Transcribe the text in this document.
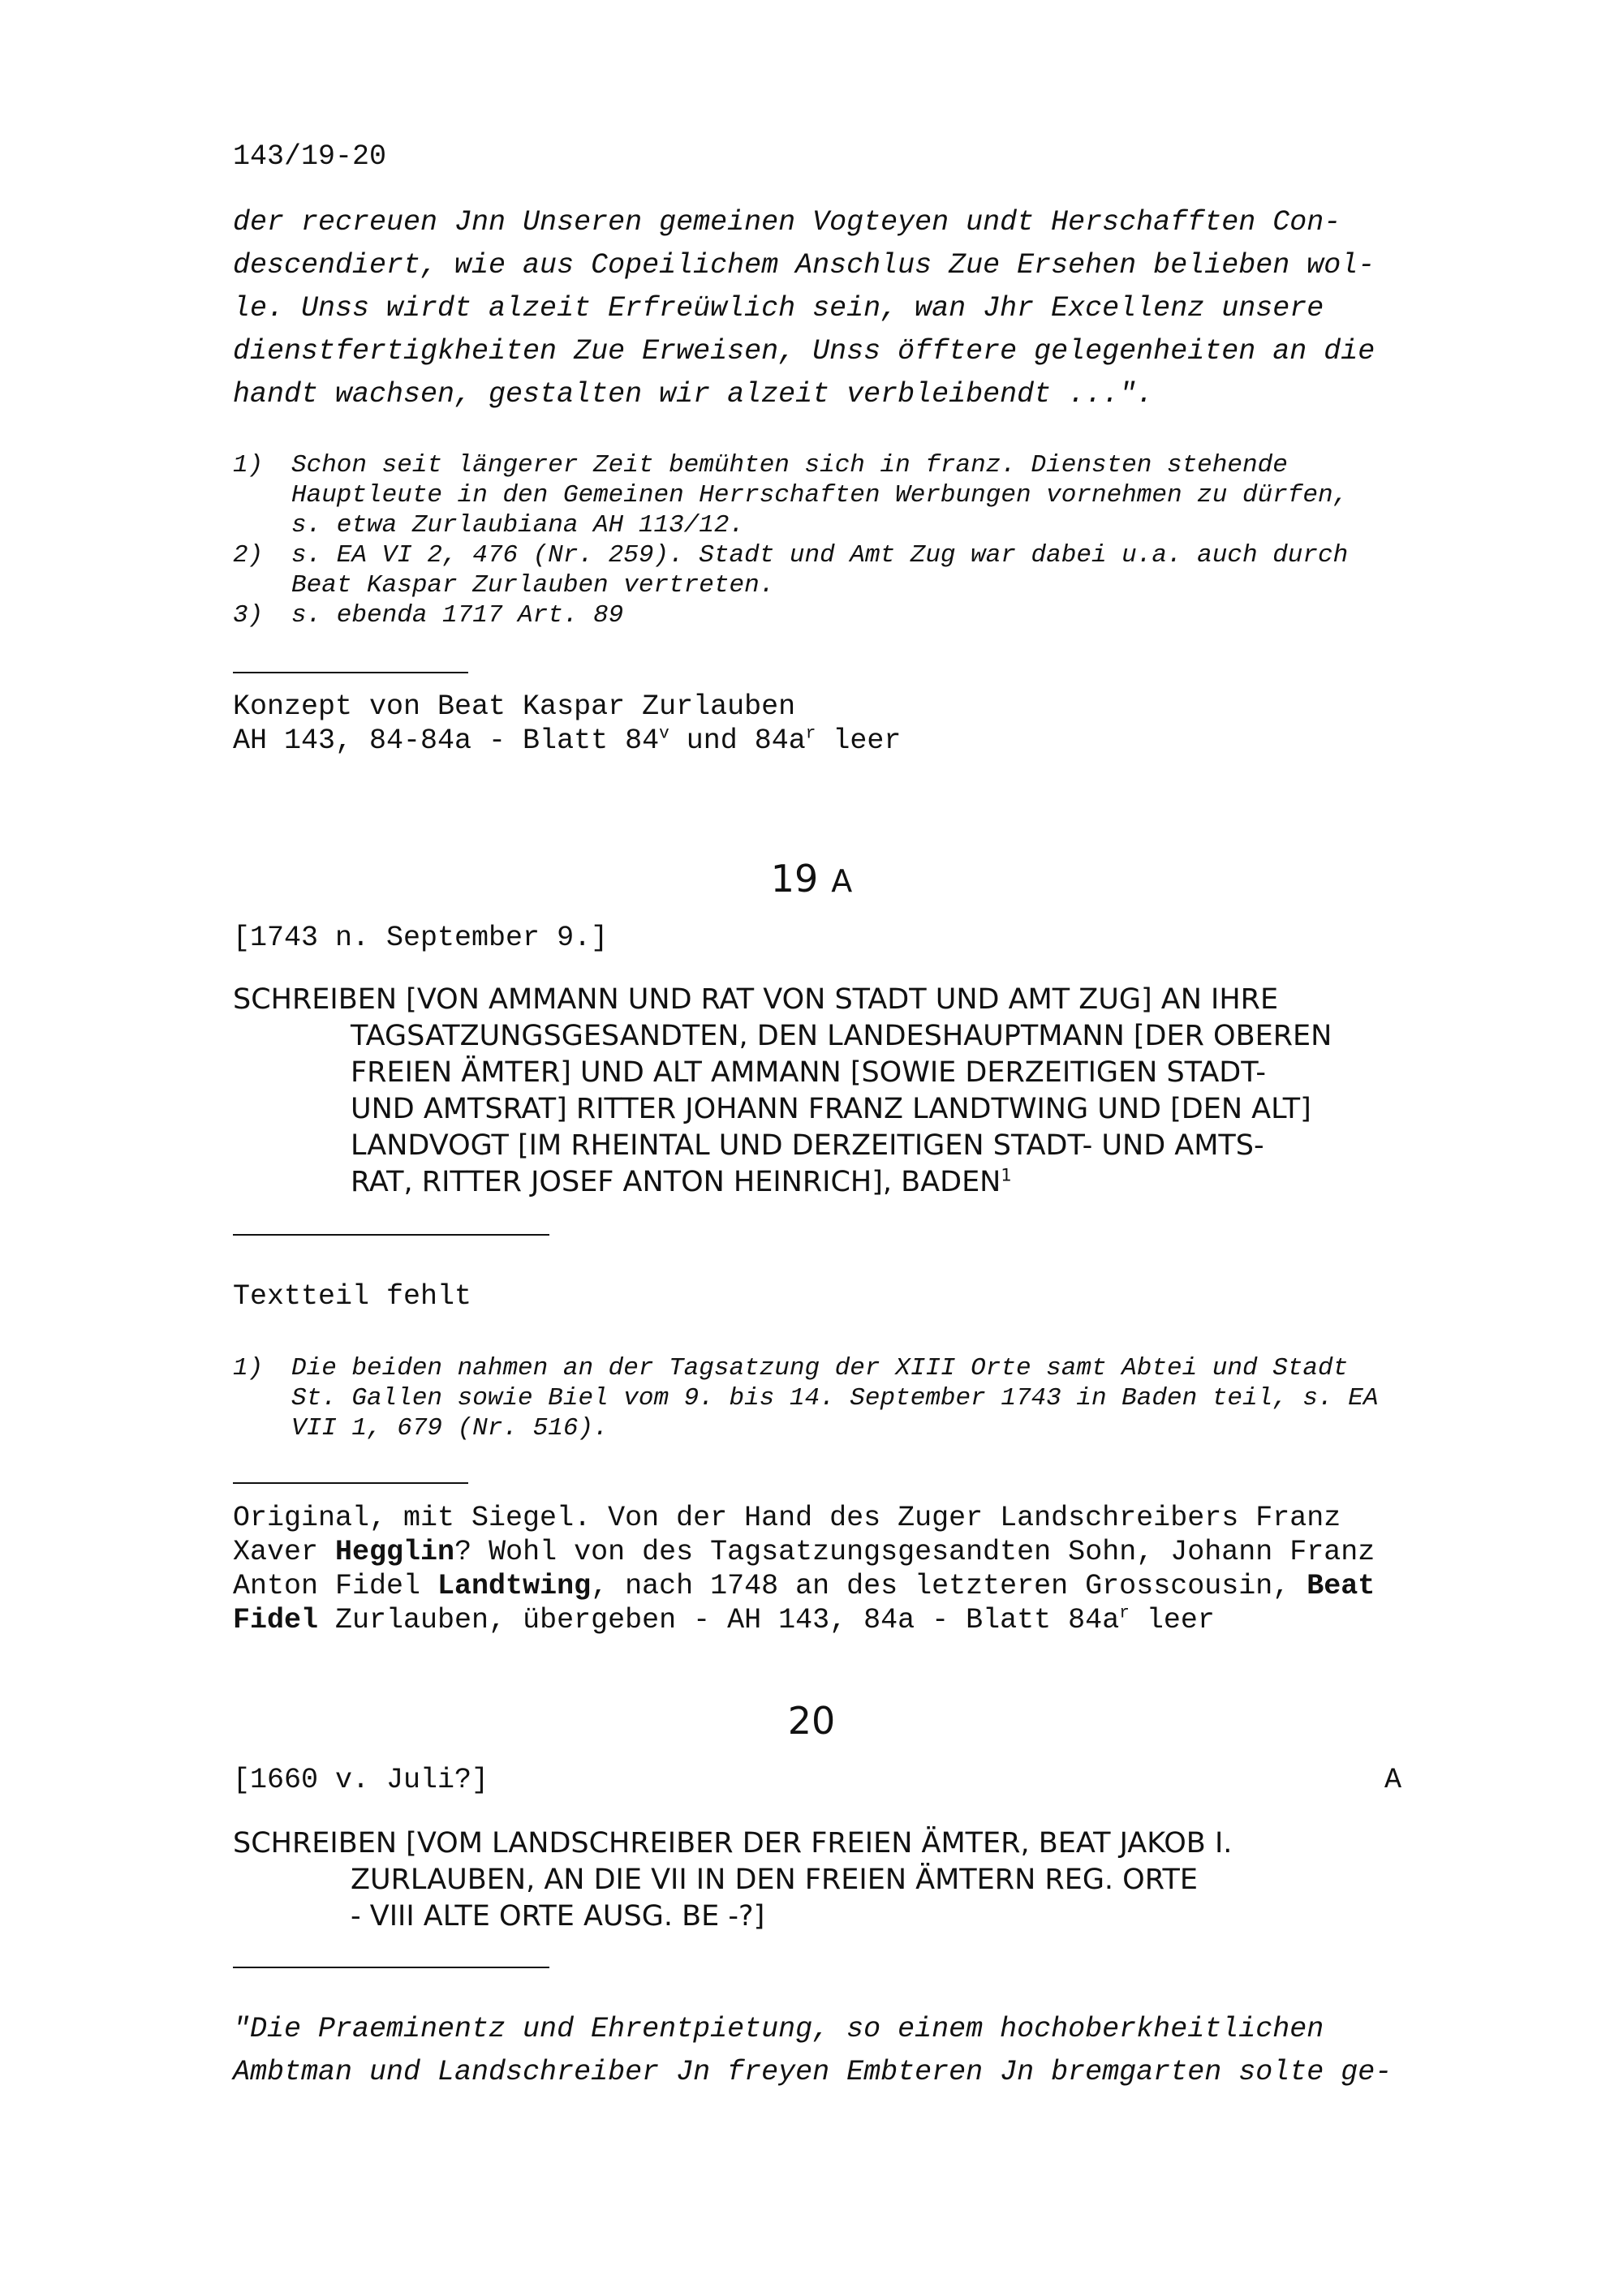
143/19-20
der recreuen Jnn Unseren gemeinen Vogteyen undt Herschafften Con-
descendiert, wie aus Copeilichem Anschlus Zue Ersehen belieben wol-
le. Unss wirdt alzeit Erfreüwlich sein, wan Jhr Excellenz unsere
dienstfertigkheiten Zue Erweisen, Unss öfftere gelegenheiten an die
handt wachsen, gestalten wir alzeit verbleibendt ...".
1)	Schon seit längerer Zeit bemühten sich in franz. Diensten stehende
Hauptleute in den Gemeinen Herrschaften Werbungen vornehmen zu dürfen,
s. etwa Zurlaubiana AH 113/12.
2)	s. EA VI 2, 476 (Nr. 259). Stadt und Amt Zug war dabei u.a. auch durch
Beat Kaspar Zurlauben vertreten.
3)	s. ebenda 1717 Art. 89
Konzept von Beat Kaspar Zurlauben
AH 143, 84-84a - Blatt 84$^v$ und $84a^r$ leer
19 A
[1743 n. September 9.]
SCHREIBEN [VON AMMANN UND RAT VON STADT UND AMT ZUG] AN IHRE
TAGSATZUNGSGESANDTEN, DEN LANDESHAUPTMANN [DER OBEREN
FREIEN ÄMTER] UND ALT AMMANN [SOWIE DERZEITIGEN STADT-
UND AMTSRAT] RITTER JOHANN FRANZ LANDTWING UND [DEN ALT]
LANDVOGT [IM RHEINTAL UND DERZEITIGEN STADT- UND AMTS-
RAT, RITTER JOSEF ANTON HEINRICH], BADEN$^1$
Textteil fehlt
1)	Die beiden nahmen an der Tagsatzung der XIII Orte samt Abtei und Stadt
St. Gallen sowie Biel vom 9. bis 14. September 1743 in Baden teil, s. EA
VII 1, 679 (Nr. 516).
Original, mit Siegel. Von der Hand des Zuger Landschreibers Franz
Xaver Hegglin? Wohl von des Tagsatzungsgesandten Sohn, Johann Franz
Anton Fidel Landtwing, nach 1748 an des letzteren Grosscousin, Beat
Fidel Zurlauben, übergeben - AH 143, 84a - Blatt $84a^r$ leer
20
[1660 v. Juli?]	A
SCHREIBEN [VOM LANDSCHREIBER DER FREIEN ÄMTER, BEAT JAKOB I.
ZURLAUBEN, AN DIE VII IN DEN FREIEN ÄMTERN REG. ORTE
- VIII ALTE ORTE AUSG. BE -?]
"Die Praeminentz und Ehrentpietung, so einem hochoberkheitlichen
Ambtman und Landschreiber Jn freyen Embteren Jn bremgarten solte ge-
